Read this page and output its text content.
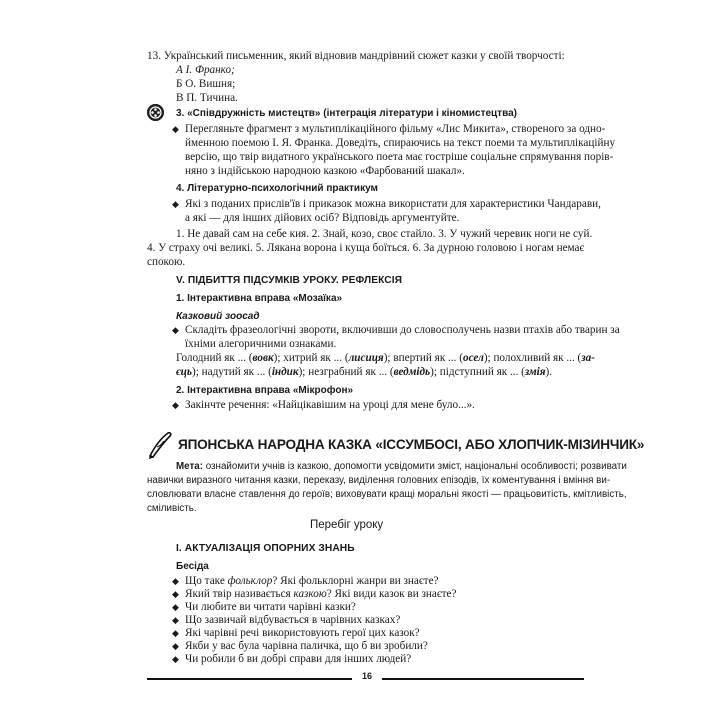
13. Український письменник, який відновив мандрівний сюжет казки у своїй творчості:
А І. Франко;
Б О. Вишня;
В П. Тичина.
3. «Співдружність мистецтв» (інтеграція літератури і кіномистецтва)
◆ Перегляньте фрагмент з мультиплікаційного фільму «Лис Микита», створеного за одно-
йменною поемою І. Я. Франка. Доведіть, спираючись на текст поеми та мультиплікаційну
версію, що твір видатного українського поета має гостріше соціальне спрямування порів-
няно з індійською народною казкою «Фарбований шакал».
4. Літературно-психологічний практикум
◆ Які з поданих прислів'їв і приказок можна використати для характеристики Чандарави,
а які — для інших дійових осіб? Відповідь аргументуйте.
1. Не давай сам на себе кия. 2. Знай, козо, своє стайло. 3. У чужий черевик ноги не суй.
4. У страху очі великі. 5. Лякана ворона і куща боїться. 6. За дурною головою і ногам немає
спокою.
V. ПІДБИТТЯ ПІДСУМКІВ УРОКУ. РЕФЛЕКСІЯ
1. Інтерактивна вправа «Мозаїка»
Казковий зоосад
◆ Складіть фразеологічні звороти, включивши до словосполучень назви птахів або тварин за
їхніми алегоричними ознаками.
Голодний як ... (вовк); хитрий як ... (лисиця); впертий як ... (осел); полохливий як ... (за-
єць); надутий як ... (індик); незграбний як ... (ведмідь); підступний як ... (змія).
2. Інтерактивна вправа «Мікрофон»
◆ Закінчте речення: «Найцікавішим на уроці для мене було...».
ЯПОНСЬКА НАРОДНА КАЗКА «ІССУМБОСІ, АБО ХЛОПЧИК-МІЗИНЧИК»
Мета: ознайомити учнів із казкою, допомогти усвідомити зміст, національні особливості; розвивати
навички виразного читання казки, переказу, виділення головних епізодів, їх коментування і вміння ви-
словлювати власне ставлення до героїв; виховувати кращі моральні якості — працьовитість, кмітливість,
сміливість.
Перебіг уроку
I. АКТУАЛІЗАЦІЯ ОПОРНИХ ЗНАНЬ
Бесіда
◆ Що таке фольклор? Які фольклорні жанри ви знаєте?
◆ Який твір називається казкою? Які види казок ви знаєте?
◆ Чи любите ви читати чарівні казки?
◆ Що зазвичай відбувається в чарівних казках?
◆ Які чарівні речі використовують герої цих казок?
◆ Якби у вас була чарівна паличка, що б ви зробили?
◆ Чи робили б ви добрі справи для інших людей?
16
